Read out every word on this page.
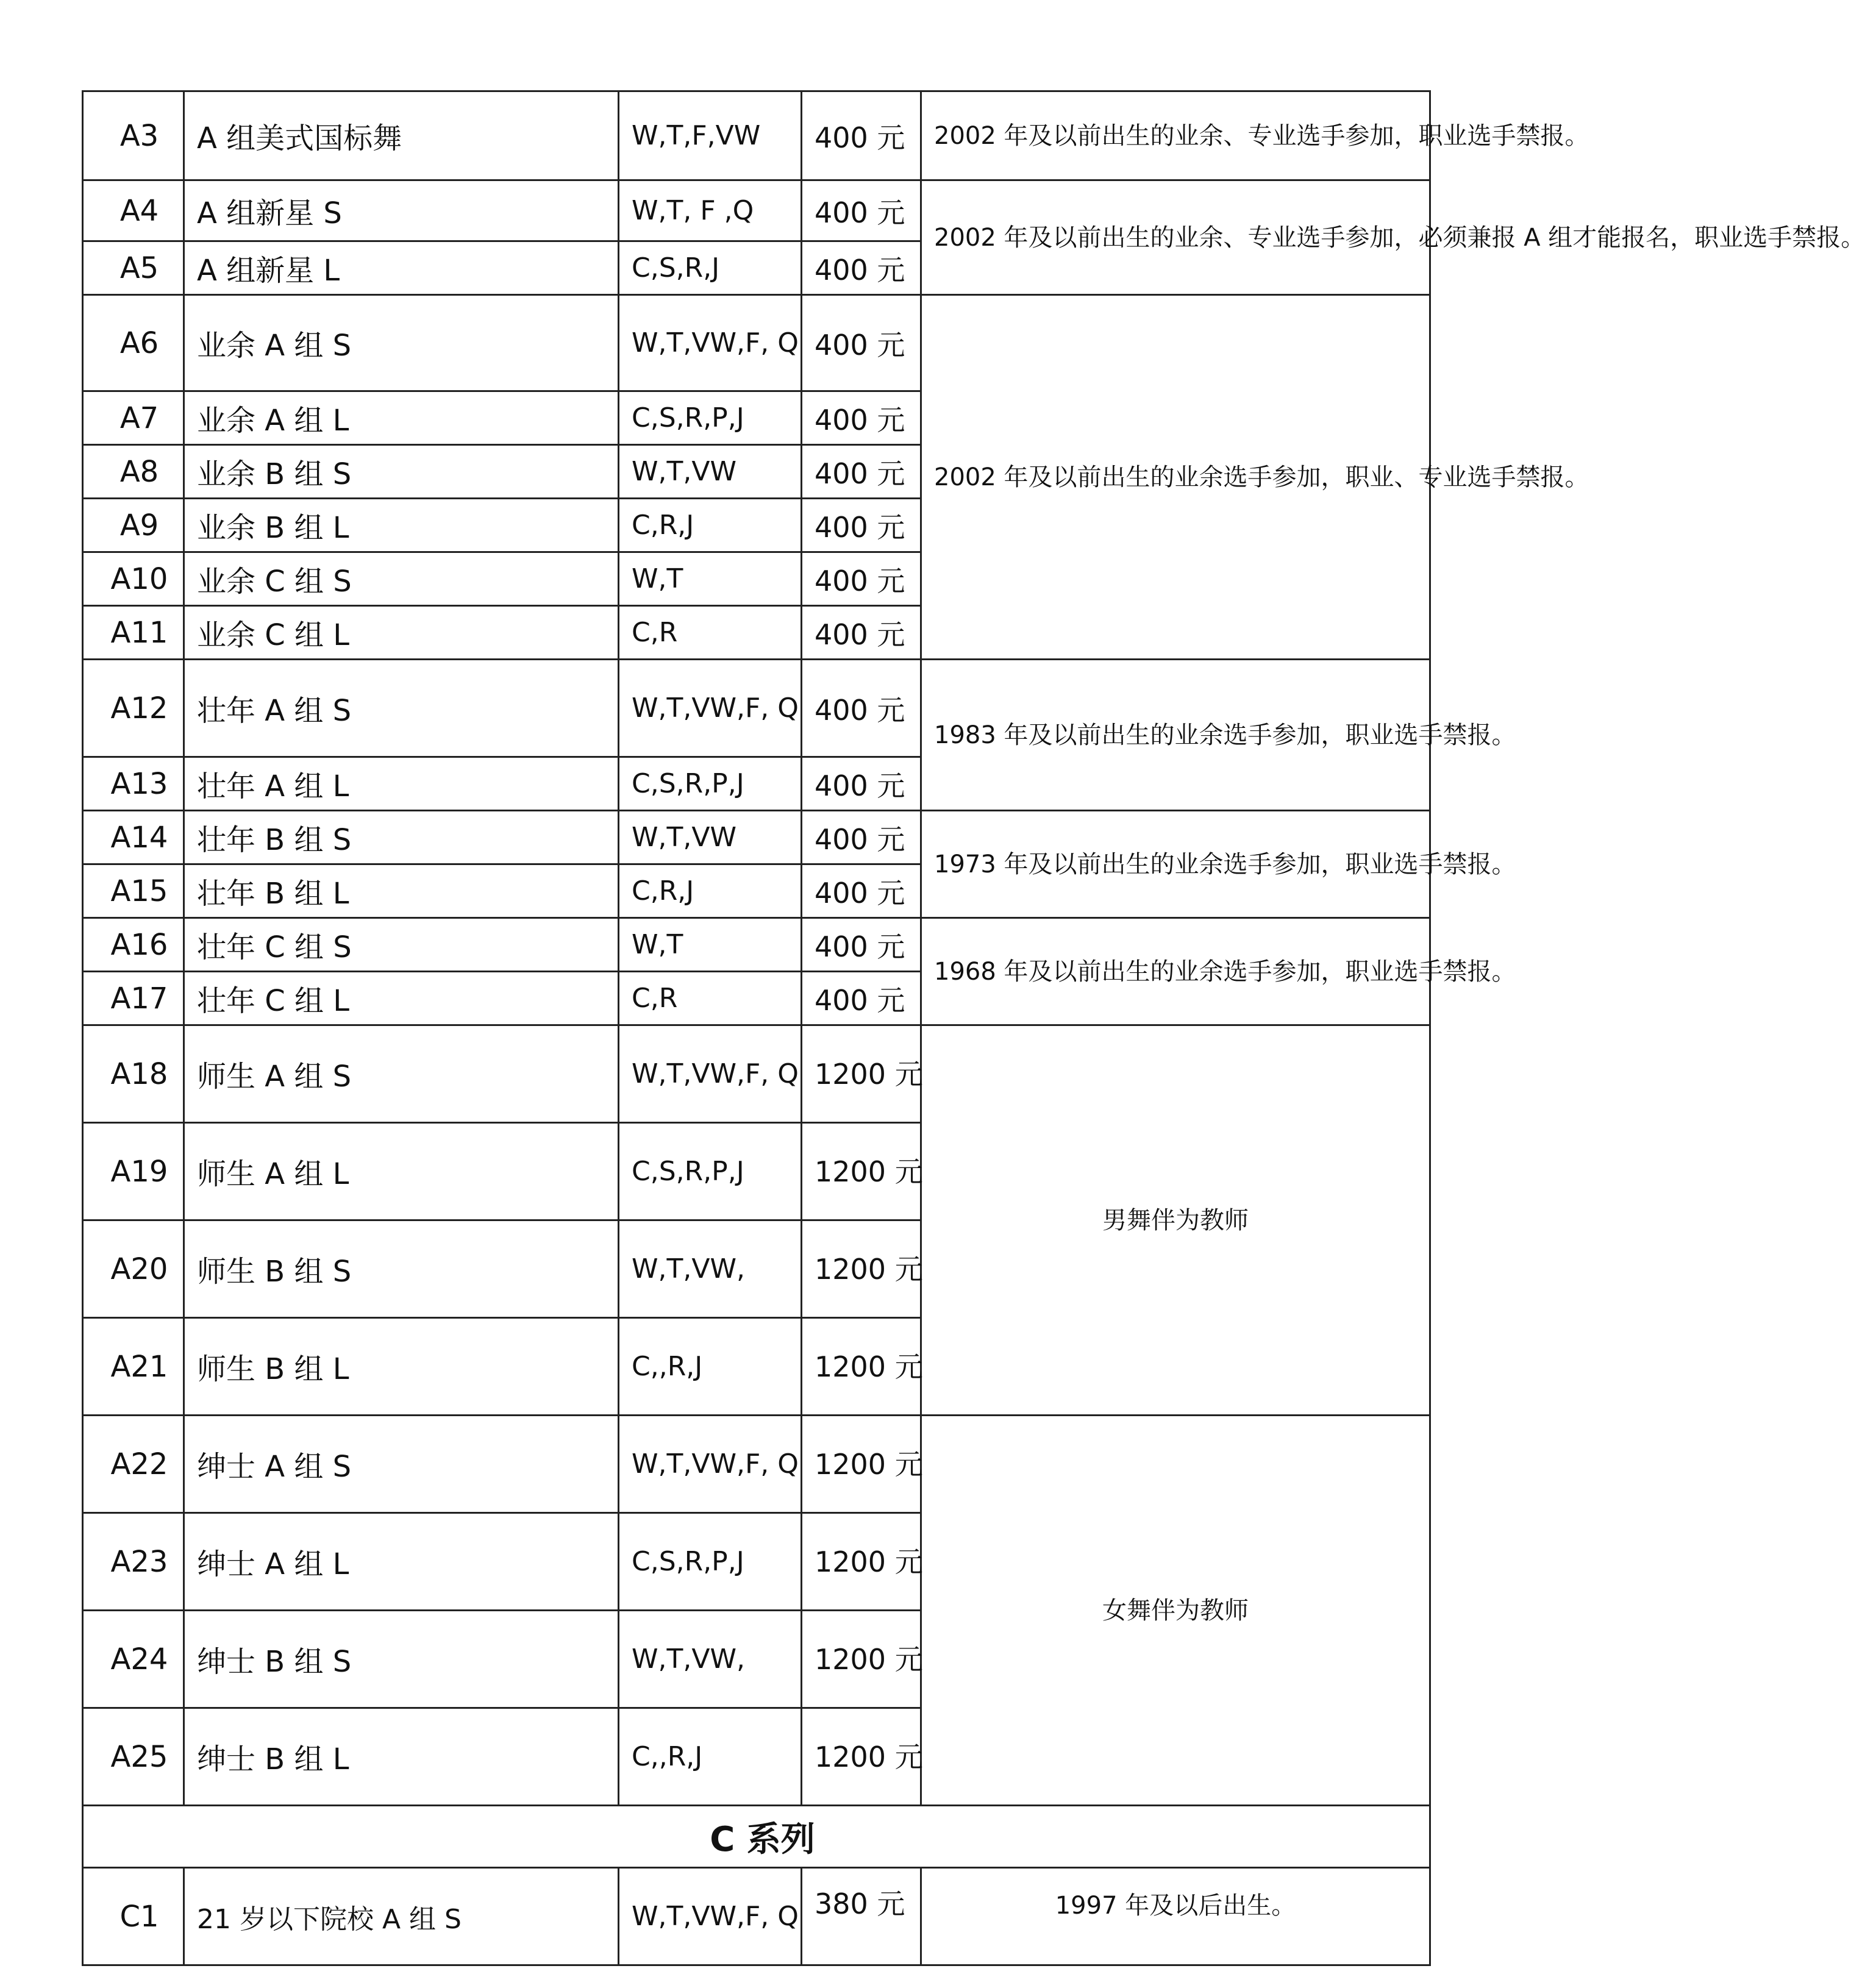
A3	A 组美式国标舞	W,T,F,VW	400 元	2002 年及以前出生的业余、专业选手参加，职业选手禁报。
A4	A 组新星 S	W,T, F ,Q	400 元	2002 年及以前出生的业余、专业选手参加，必须兼报 A 组才能报名，职业选手禁报。
A5	A 组新星 L	C,S,R,J	400 元	
A6	业余 A 组 S	W,T,VW,F, Q	400 元	2002 年及以前出生的业余选手参加，职业、专业选手禁报。
A7	业余 A 组 L	C,S,R,P,J	400 元	
A8	业余 B 组 S	W,T,VW	400 元	
A9	业余 B 组 L	C,R,J	400 元	
A10	业余 C 组 S	W,T	400 元	
A11	业余 C 组 L	C,R	400 元	
A12	壮年 A 组 S	W,T,VW,F, Q	400 元	1983 年及以前出生的业余选手参加，职业选手禁报。
A13	壮年 A 组 L	C,S,R,P,J	400 元	
A14	壮年 B 组 S	W,T,VW	400 元	1973 年及以前出生的业余选手参加，职业选手禁报。
A15	壮年 B 组 L	C,R,J	400 元	
A16	壮年 C 组 S	W,T	400 元	1968 年及以前出生的业余选手参加，职业选手禁报。
A17	壮年 C 组 L	C,R	400 元	
A18	师生 A 组 S	W,T,VW,F, Q	1200 元	男舞伴为教师
A19	师生 A 组 L	C,S,R,P,J	1200 元	
A20	师生 B 组 S	W,T,VW,	1200 元	
A21	师生 B 组 L	C,,R,J	1200 元	
A22	绅士 A 组 S	W,T,VW,F, Q	1200 元	女舞伴为教师
A23	绅士 A 组 L	C,S,R,P,J	1200 元	
A24	绅士 B 组 S	W,T,VW,	1200 元	
A25	绅士 B 组 L	C,,R,J	1200 元	
C 系列				
C1	21 岁以下院校 A 组 S	W,T,VW,F, Q	380 元	1997 年及以后出生。
